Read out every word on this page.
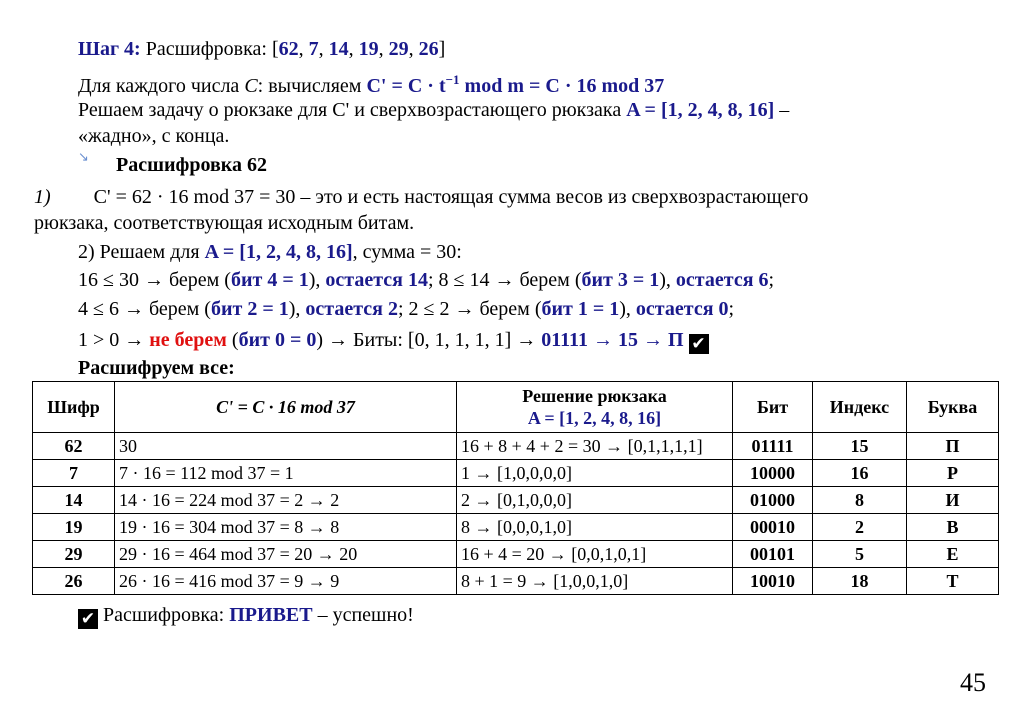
Шаг 4: Расшифровка: [62, 7, 14, 19, 29, 26]
Для каждого числа C: вычисляем $C' = C \cdot t^{-1}$ mod m = C · 16 mod 37
Решаем задачу о рюкзаке для C' и сверхвозрастающего рюкзака A = [1, 2, 4, 8, 16] –
«жадно», с конца.
↘ Расшифровка 62
1) C' = 62 · 16 mod 37 = 30 – это и есть настоящая сумма весов из сверхвозрастающего
рюкзака, соответствующая исходным битам.
2) Решаем для A = [1, 2, 4, 8, 16], сумма = 30:
16 ≤ 30 → берем (бит 4 = 1), остается 14; 8 ≤ 14 → берем (бит 3 = 1), остается 6;
4 ≤ 6 → берем (бит 2 = 1), остается 2; 2 ≤ 2 → берем (бит 1 = 1), остается 0;
1 > 0 → не берем (бит 0 = 0) → Биты: [0, 1, 1, 1, 1] → 01111 → 15 → П ✔
Расшифруем все:
Шифр	C' = C · 16 mod 37	Решение рюкзака
A = [1, 2, 4, 8, 16]	Бит	Индекс	Буква
62	30	16 + 8 + 4 + 2 = 30 → [0,1,1,1,1]	01111	15	П
7	7 · 16 = 112 mod 37 = 1	1 → [1,0,0,0,0]	10000	16	Р
14	14 · 16 = 224 mod 37 = 2 → 2	2 → [0,1,0,0,0]	01000	8	И
19	19 · 16 = 304 mod 37 = 8 → 8	8 → [0,0,0,1,0]	00010	2	В
29	29 · 16 = 464 mod 37 = 20 → 20	16 + 4 = 20 → [0,0,1,0,1]	00101	5	Е
26	26 · 16 = 416 mod 37 = 9 → 9	8 + 1 = 9 → [1,0,0,1,0]	10010	18	Т
✔ Расшифровка: ПРИВЕТ – успешно!
45
